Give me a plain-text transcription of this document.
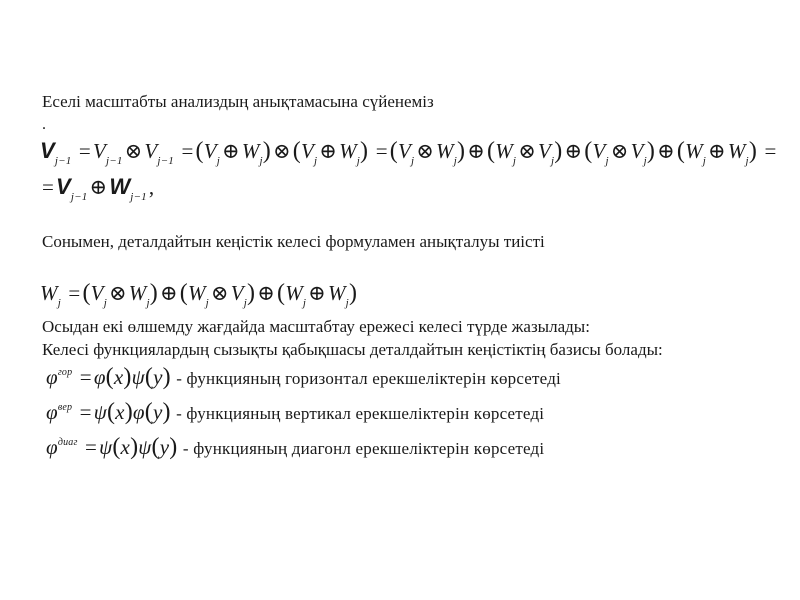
Еселі масштабты анализдың анықтамасына сүйенеміз
.
$V_{j-1}$ $=V_{j-1}\otimes V_{j-1}$ $=(V_j\oplus W_j)\otimes(V_j\oplus W_j)$ $=(V_j\otimes W_j)\oplus(W_j\otimes V_j)\oplus(V_j\otimes V_j)\oplus(W_j\oplus W_j)$ =
$=V_{j-1}\oplus W_{j-1}$,
Сонымен, деталдайтын кеңістік келесі формуламен анықталуы тиісті
$W_j$ $=(V_j\otimes W_j)\oplus(W_j\otimes V_j)\oplus(W_j\oplus W_j)$
Осыдан екі өлшемду жағдайда масштабтау ережесі келесі түрде жазылады:
Келесі функциялардың сызықты қабықшасы деталдайтын кеңістіктің базисы болады:
$\varphi^{гор} =\varphi(x)\psi(y)$ - функцияның горизонтал ерекшеліктерін көрсетеді
$\varphi^{вер} =\psi(x)\varphi(y)$ - функцияның вертикал ерекшеліктерін көрсетеді
$\varphi^{диаг} =\psi(x)\psi(y)$ - функцияның диагонл ерекшеліктерін көрсетеді
